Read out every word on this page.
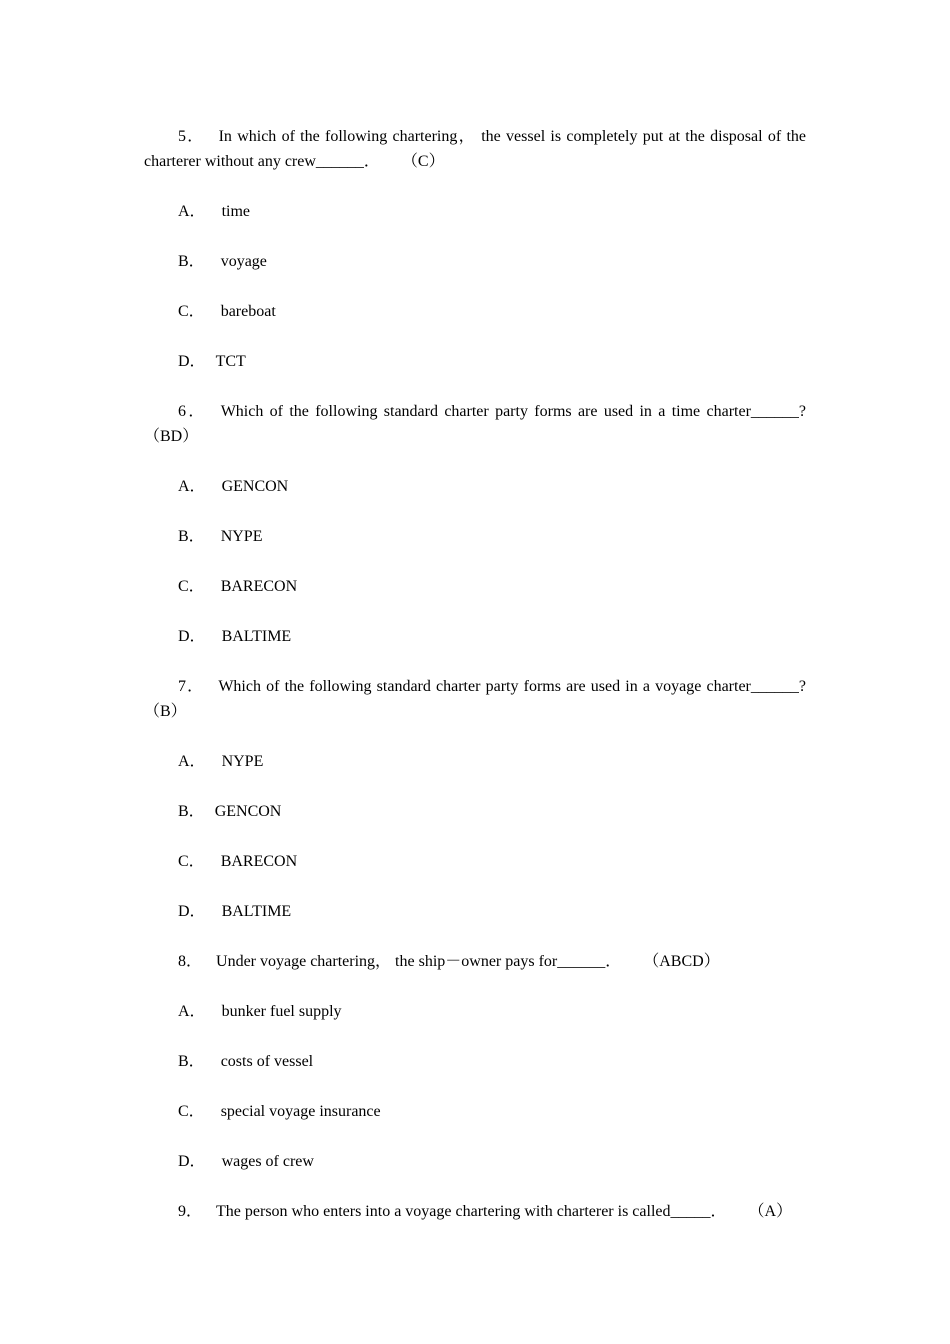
5． In which of the following chartering， the vessel is completely put at the disposal of the charterer without any crew______． （C）

A． time
B． voyage
C． bareboat
D． TCT

6． Which of the following standard charter party forms are used in a time charter______? （BD）

A． GENCON
B． NYPE
C． BARECON
D． BALTIME

7． Which of the following standard charter party forms are used in a voyage charter______? （B）

A． NYPE
B． GENCON
C． BARECON
D． BALTIME

8． Under voyage chartering， the ship－owner pays for______． （ABCD）

A． bunker fuel supply
B． costs of vessel
C． special voyage insurance
D． wages of crew

9． The person who enters into a voyage chartering with charterer is called_____． （A）
